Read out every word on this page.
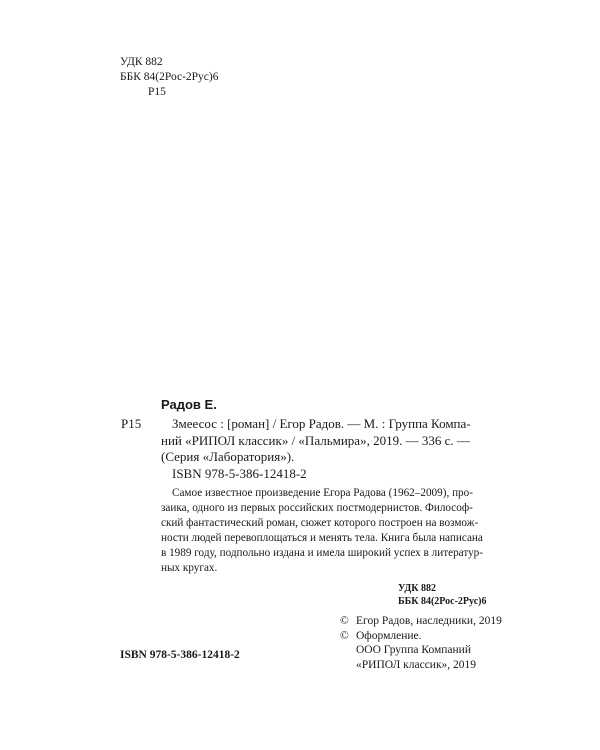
УДК 882
ББК 84(2Рос-2Рус)6
Р15
Радов Е.
Р15	Змеесос : [роман] / Егор Радов. — М. : Группа Компа-
ний «РИПОЛ классик» / «Пальмира», 2019. — 336 с. —
(Серия «Лаборатория»).
ISBN 978-5-386-12418-2
Самое известное произведение Егора Радова (1962–2009), про-
заика, одного из первых российских постмодернистов. Философ-
ский фантастический роман, сюжет которого построен на возмож-
ности людей перевоплощаться и менять тела. Книга была написана
в 1989 году, подпольно издана и имела широкий успех в литератур-
ных кругах.
УДК 882
ББК 84(2Рос-2Рус)6
© Егор Радов, наследники, 2019
© Оформление.
ООО Группа Компаний
«РИПОЛ классик», 2019
ISBN 978-5-386-12418-2
